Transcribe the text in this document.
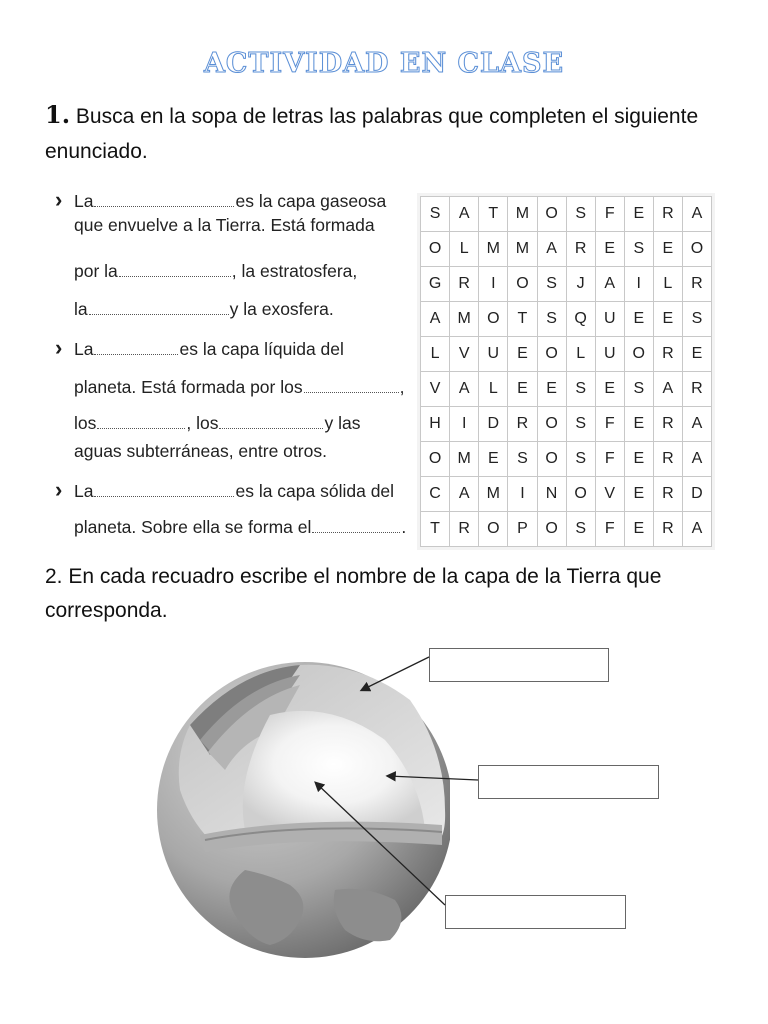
ACTIVIDAD EN CLASE
1. Busca en la sopa de letras las palabras que completen el siguiente enunciado.
› La	es la capa gaseosa
que envuelve a la Tierra. Está formada
por la	, la estratosfera,
la	y la exosfera.
› La	es la capa líquida del
planeta. Está formada por los	,
los	, los	y las
aguas subterráneas, entre otros.
› La	es la capa sólida del
planeta. Sobre ella se forma el	.
S	A	T	M	O	S	F	E	R	A
O	L	M	M	A	R	E	S	E	O
G	R	I	O	S	J	A	I	L	R
A	M	O	T	S	Q	U	E	E	S
L	V	U	E	O	L	U	O	R	E
V	A	L	E	E	S	E	S	A	R
H	I	D	R	O	S	F	E	R	A
O	M	E	S	O	S	F	E	R	A
C	A	M	I	N	O	V	E	R	D
T	R	O	P	O	S	F	E	R	A
2. En cada recuadro escribe el nombre de la capa de la Tierra que corresponda.
